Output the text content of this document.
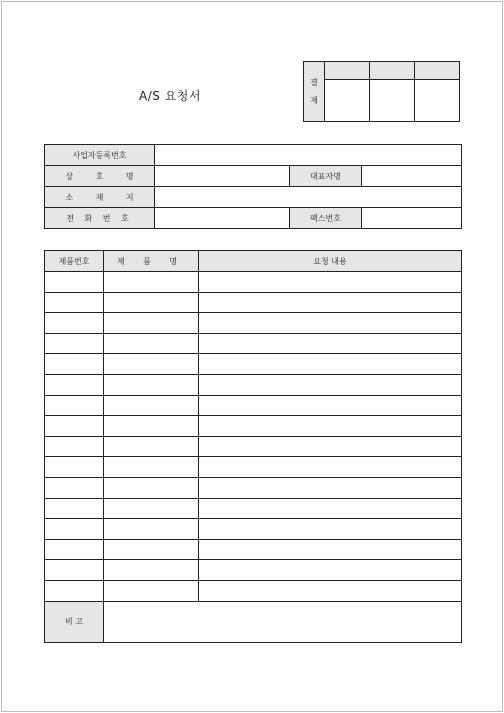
A/S 요청서
결
재			

사업자등록번호			
상 호 명		대표자명	
소 재 지			
전 화 번 호		팩스번호	
제품번호	제 품 명	요청 내용

비 고		
